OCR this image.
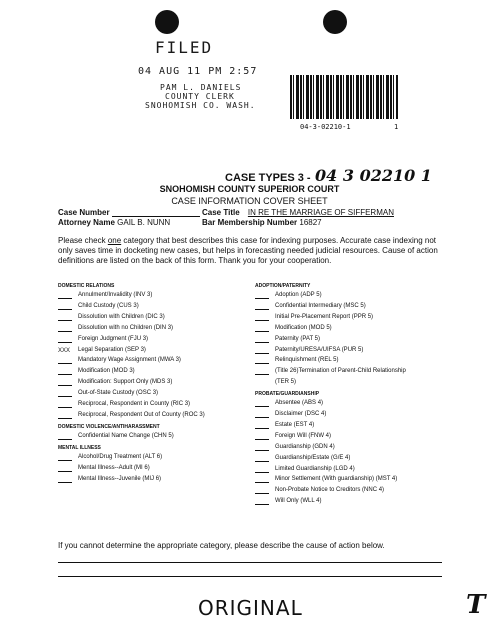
FILED
04 AUG 11 PM 2:57
PAM L. DANIELS
COUNTY CLERK
SNOHOMISH CO. WASH.
04-3-02210-1	1
CASE TYPES 3 - 04 3 02210 1
SNOHOMISH COUNTY SUPERIOR COURT
CASE INFORMATION COVER SHEET
Case Number	Case Title IN RE THE MARRIAGE OF SIFFERMAN
Attorney Name GAIL B. NUNN	Bar Membership Number 16827
Please check one category that best describes this case for indexing purposes. Accurate case indexing not only saves time in docketing new cases, but helps in forecasting needed judicial resources. Cause of action definitions are listed on the back of this form. Thank you for your cooperation.
DOMESTIC RELATIONS
Annulment/Invalidity (INV 3)
Child Custody (CUS 3)
Dissolution with Children (DIC 3)
Dissolution with no Children (DIN 3)
Foreign Judgment (FJU 3)
XXX Legal Separation (SEP 3)
Mandatory Wage Assignment (MWA 3)
Modification (MOD 3)
Modification: Support Only (MDS 3)
Out-of-State Custody (OSC 3)
Reciprocal, Respondent in County (RIC 3)
Reciprocal, Respondent Out of County (ROC 3)
DOMESTIC VIOLENCE/ANTIHARASSMENT
Confidential Name Change (CHN 5)
MENTAL ILLNESS
Alcohol/Drug Treatment (ALT 6)
Mental Illness--Adult (MI 6)
Mental Illness--Juvenile (MIJ 6)
ADOPTION/PATERNITY
Adoption (ADP 5)
Confidential Intermediary (MSC 5)
Initial Pre-Placement Report (PPR 5)
Modification (MOD 5)
Paternity (PAT 5)
Paternity/URESA/UIFSA (PUR 5)
Relinquishment (REL 5)
(Title 26)Termination of Parent-Child Relationship
(TER 5)
PROBATE/GUARDIANSHIP
Absentee (ABS 4)
Disclaimer (DSC 4)
Estate (EST 4)
Foreign Will (FNW 4)
Guardianship (GDN 4)
Guardianship/Estate (G/E 4)
Limited Guardianship (LGD 4)
Minor Settlement (With guardianship) (MST 4)
Non-Probate Notice to Creditors (NNC 4)
Will Only (WLL 4)
If you cannot determine the appropriate category, please describe the cause of action below.
ORIGINAL	T
